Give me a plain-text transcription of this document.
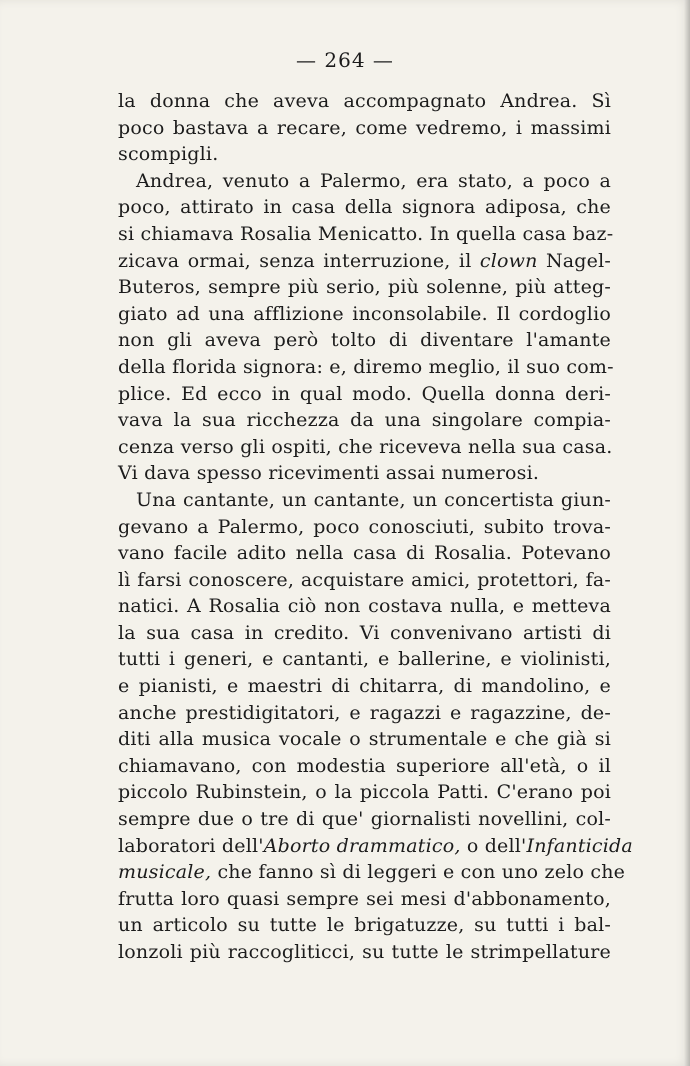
— 264 —
la donna che aveva accompagnato Andrea. Sì
poco bastava a recare, come vedremo, i massimi
scompigli.
Andrea, venuto a Palermo, era stato, a poco a
poco, attirato in casa della signora adiposa, che
si chiamava Rosalia Menicatto. In quella casa baz-
zicava ormai, senza interruzione, il clown Nagel-
Buteros, sempre più serio, più solenne, più atteg-
giato ad una afflizione inconsolabile. Il cordoglio
non gli aveva però tolto di diventare l'amante
della florida signora: e, diremo meglio, il suo com-
plice. Ed ecco in qual modo. Quella donna deri-
vava la sua ricchezza da una singolare compia-
cenza verso gli ospiti, che riceveva nella sua casa.
Vi dava spesso ricevimenti assai numerosi.
Una cantante, un cantante, un concertista giun-
gevano a Palermo, poco conosciuti, subito trova-
vano facile adito nella casa di Rosalia. Potevano
lì farsi conoscere, acquistare amici, protettori, fa-
natici. A Rosalia ciò non costava nulla, e metteva
la sua casa in credito. Vi convenivano artisti di
tutti i generi, e cantanti, e ballerine, e violinisti,
e pianisti, e maestri di chitarra, di mandolino, e
anche prestidigitatori, e ragazzi e ragazzine, de-
diti alla musica vocale o strumentale e che già si
chiamavano, con modestia superiore all'età, o il
piccolo Rubinstein, o la piccola Patti. C'erano poi
sempre due o tre di que' giornalisti novellini, col-
laboratori dell'Aborto drammatico, o dell'Infanticida
musicale, che fanno sì di leggeri e con uno zelo che
frutta loro quasi sempre sei mesi d'abbonamento,
un articolo su tutte le brigatuzze, su tutti i bal-
lonzoli più raccogliticci, su tutte le strimpellature
